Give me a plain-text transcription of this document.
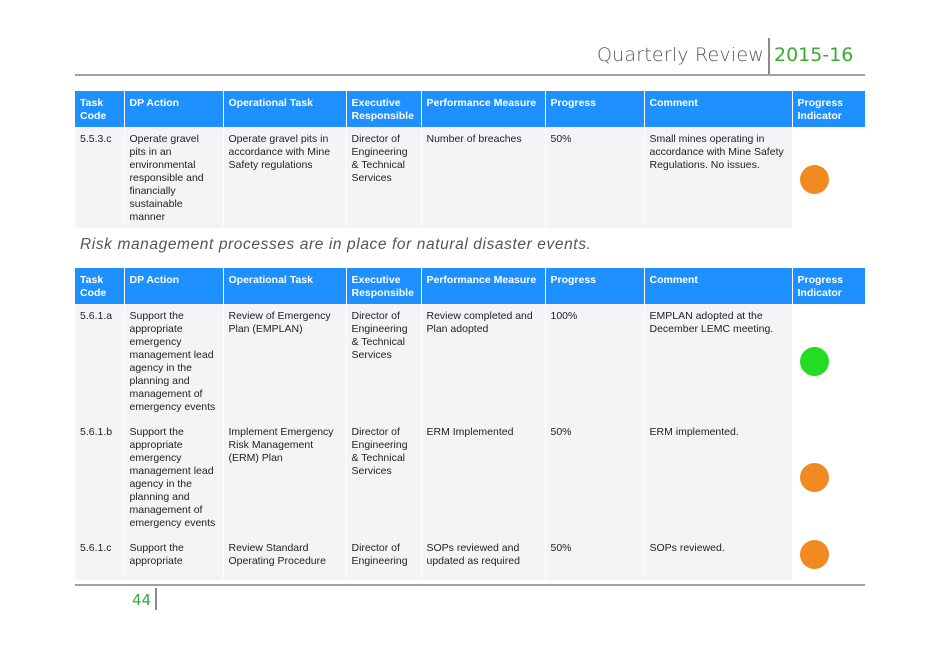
Quarterly Review 2015-16
Task Code	DP Action	Operational Task	Executive Responsible	Performance Measure	Progress	Comment	Progress Indicator
5.5.3.c	Operate gravel pits in an environmental responsible and financially sustainable manner	Operate gravel pits in accordance with Mine Safety regulations	Director of Engineering & Technical Services	Number of breaches	50%	Small mines operating in accordance with Mine Safety Regulations. No issues.	
Risk management processes are in place for natural disaster events.
Task Code	DP Action	Operational Task	Executive Responsible	Performance Measure	Progress	Comment	Progress Indicator
5.6.1.a	Support the appropriate emergency management lead agency in the planning and management of emergency events	Review of Emergency Plan (EMPLAN)	Director of Engineering & Technical Services	Review completed and Plan adopted	100%	EMPLAN adopted at the December LEMC meeting.	

5.6.1.b	Support the appropriate emergency management lead agency in the planning and management of emergency events	Implement Emergency Risk Management (ERM) Plan	Director of Engineering & Technical Services	ERM Implemented	50%	ERM implemented.	

5.6.1.c	Support the appropriate	Review Standard Operating Procedure	Director of Engineering	SOPs reviewed and updated as required	50%	SOPs reviewed.	
44
